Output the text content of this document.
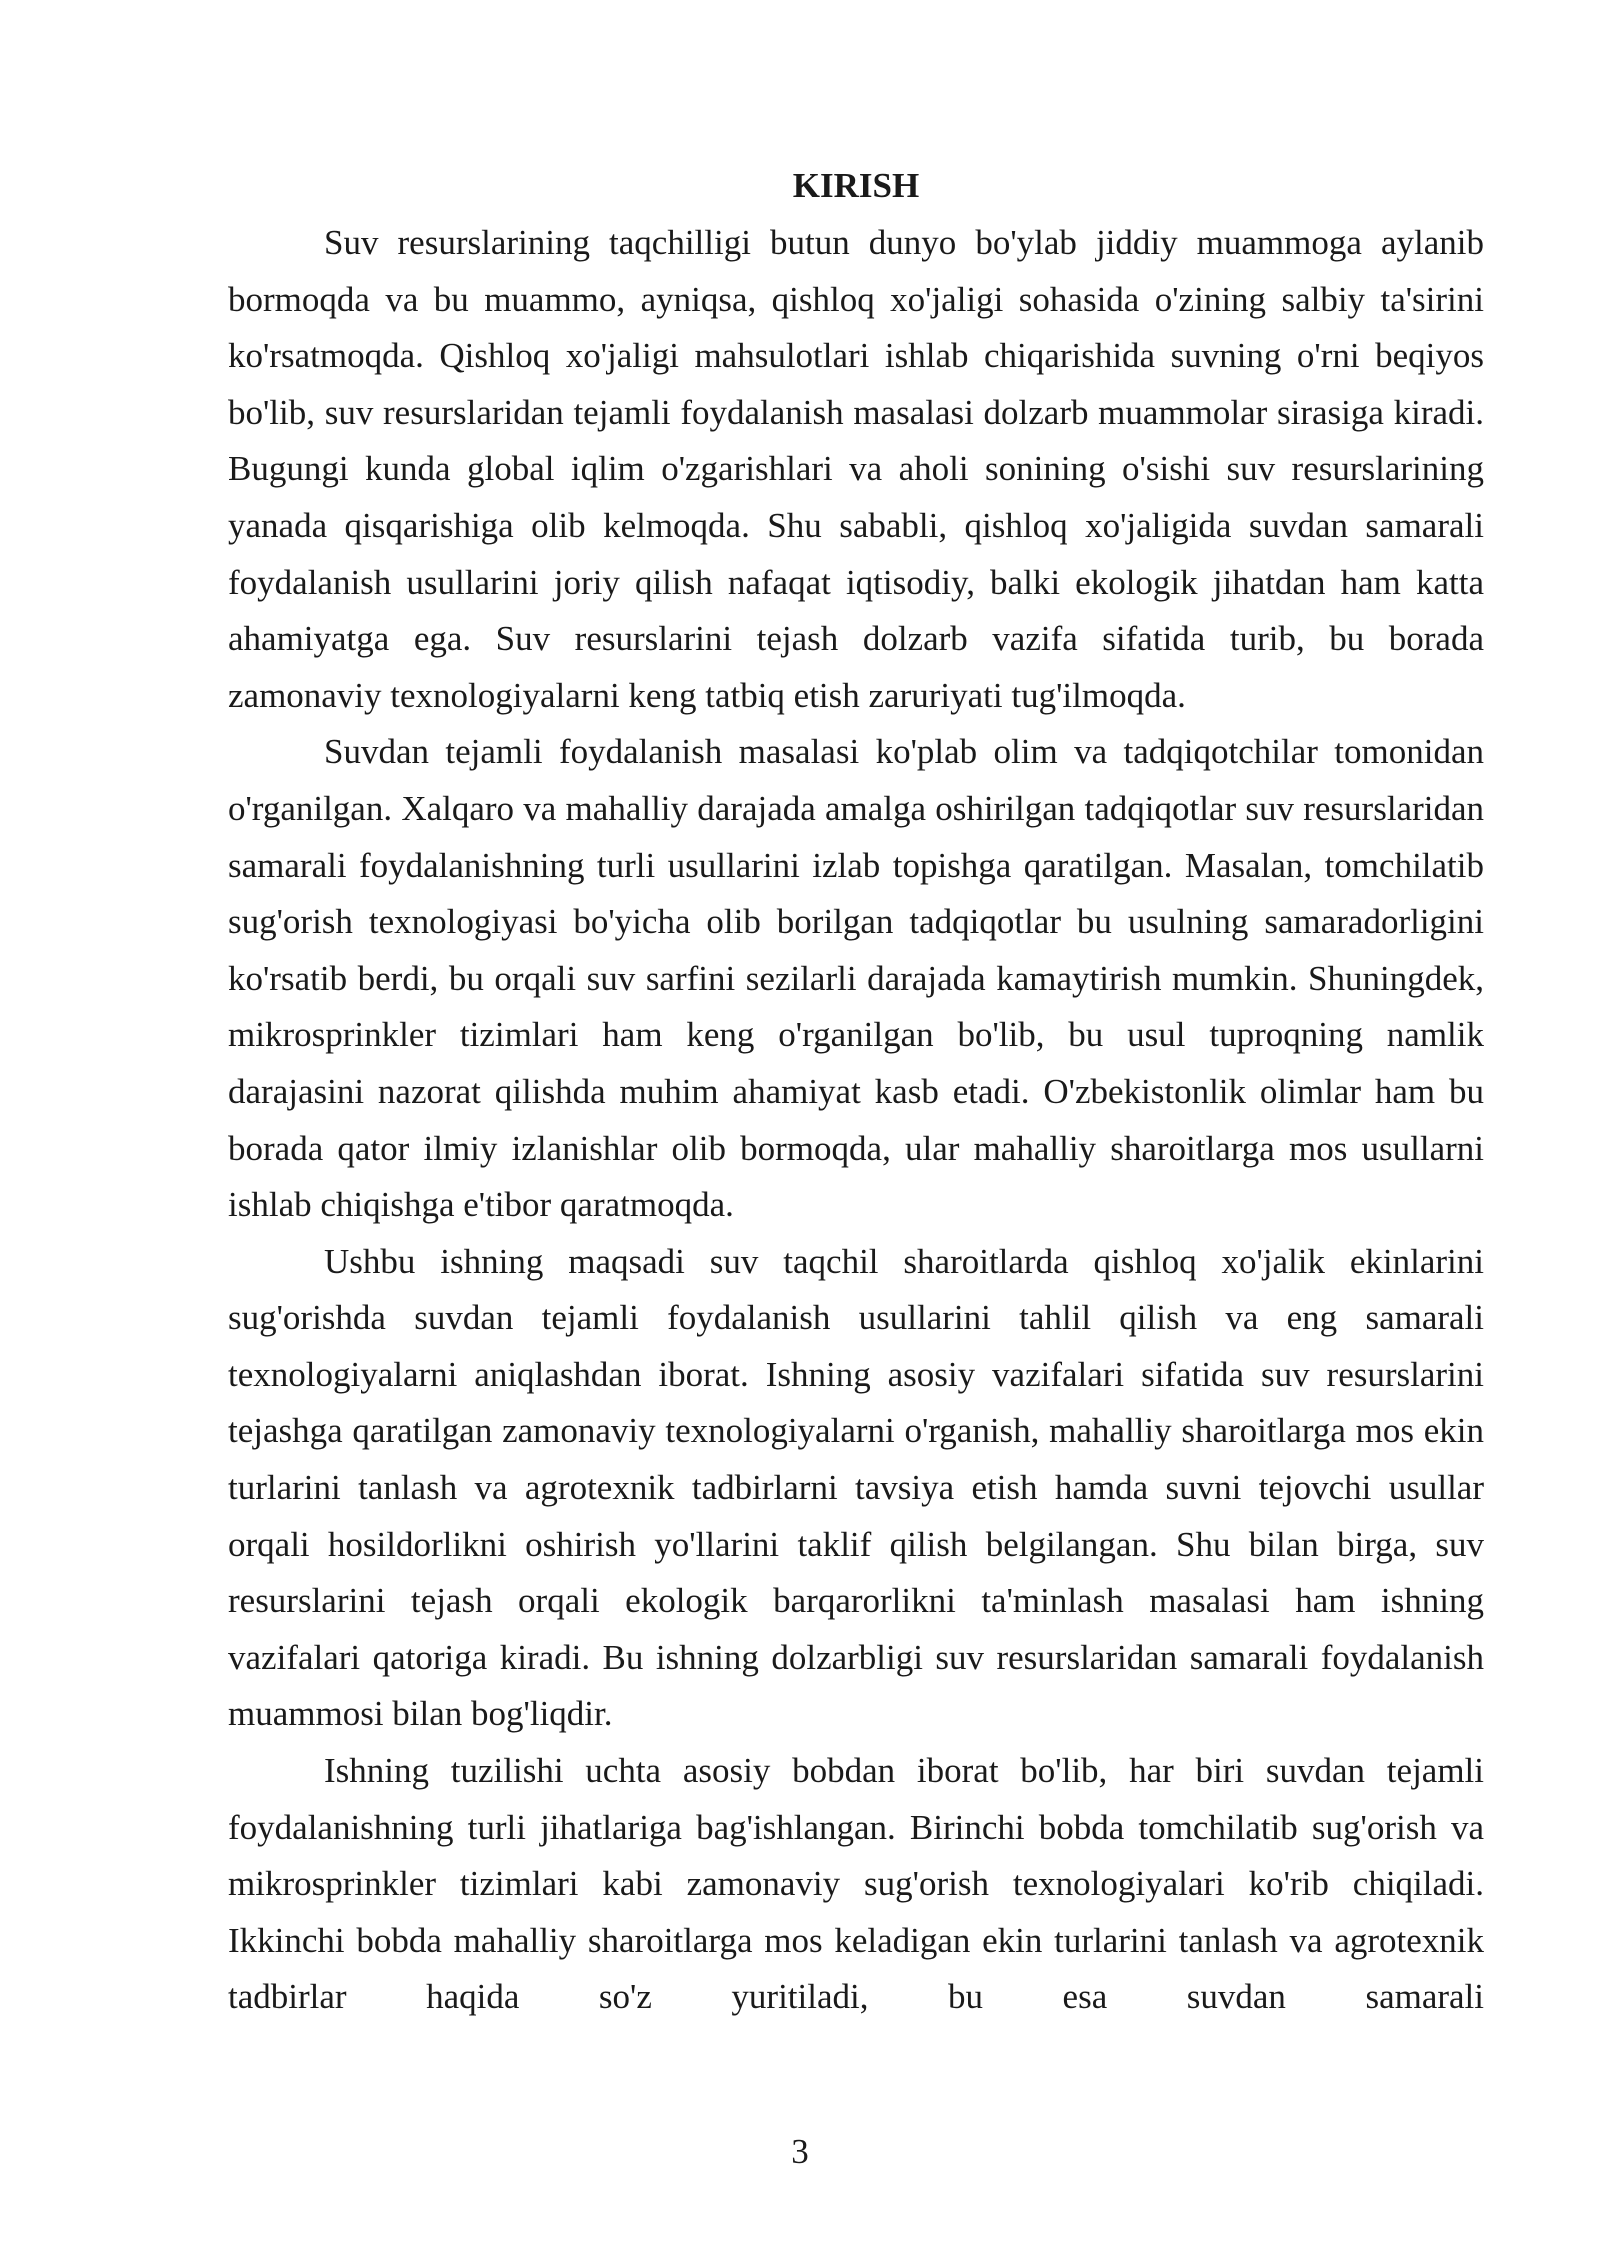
KIRISH

Suv resurslarining taqchilligi butun dunyo bo'ylab jiddiy muammoga aylanib bormoqda va bu muammo, ayniqsa, qishloq xo'jaligi sohasida o'zining salbiy ta'sirini ko'rsatmoqda. Qishloq xo'jaligi mahsulotlari ishlab chiqarishida suvning o'rni beqiyos bo'lib, suv resurslaridan tejamli foydalanish masalasi dolzarb muammolar sirasiga kiradi. Bugungi kunda global iqlim o'zgarishlari va aholi sonining o'sishi suv resurslarining yanada qisqarishiga olib kelmoqda. Shu sababli, qishloq xo'jaligida suvdan samarali foydalanish usullarini joriy qilish nafaqat iqtisodiy, balki ekologik jihatdan ham katta ahamiyatga ega. Suv resurslarini tejash dolzarb vazifa sifatida turib, bu borada zamonaviy texnologiyalarni keng tatbiq etish zaruriyati tug'ilmoqda.

Suvdan tejamli foydalanish masalasi ko'plab olim va tadqiqotchilar tomonidan o'rganilgan. Xalqaro va mahalliy darajada amalga oshirilgan tadqiqotlar suv resurslaridan samarali foydalanishning turli usullarini izlab topishga qaratilgan. Masalan, tomchilatib sug'orish texnologiyasi bo'yicha olib borilgan tadqiqotlar bu usulning samaradorligini ko'rsatib berdi, bu orqali suv sarfini sezilarli darajada kamaytirish mumkin. Shuningdek, mikrosprinkler tizimlari ham keng o'rganilgan bo'lib, bu usul tuproqning namlik darajasini nazorat qilishda muhim ahamiyat kasb etadi. O'zbekistonlik olimlar ham bu borada qator ilmiy izlanishlar olib bormoqda, ular mahalliy sharoitlarga mos usullarni ishlab chiqishga e'tibor qaratmoqda.

Ushbu ishning maqsadi suv taqchil sharoitlarda qishloq xo'jalik ekinlarini sug'orishda suvdan tejamli foydalanish usullarini tahlil qilish va eng samarali texnologiyalarni aniqlashdan iborat. Ishning asosiy vazifalari sifatida suv resurslarini tejashga qaratilgan zamonaviy texnologiyalarni o'rganish, mahalliy sharoitlarga mos ekin turlarini tanlash va agrotexnik tadbirlarni tavsiya etish hamda suvni tejovchi usullar orqali hosildorlikni oshirish yo'llarini taklif qilish belgilangan. Shu bilan birga, suv resurslarini tejash orqali ekologik barqarorlikni ta'minlash masalasi ham ishning vazifalari qatoriga kiradi. Bu ishning dolzarbligi suv resurslaridan samarali foydalanish muammosi bilan bog'liqdir.

Ishning tuzilishi uchta asosiy bobdan iborat bo'lib, har biri suvdan tejamli foydalanishning turli jihatlariga bag'ishlangan. Birinchi bobda tomchilatib sug'orish va mikrosprinkler tizimlari kabi zamonaviy sug'orish texnologiyalari ko'rib chiqiladi. Ikkinchi bobda mahalliy sharoitlarga mos keladigan ekin turlarini tanlash va agrotexnik tadbirlar haqida so'z yuritiladi, bu esa suvdan samarali

3
